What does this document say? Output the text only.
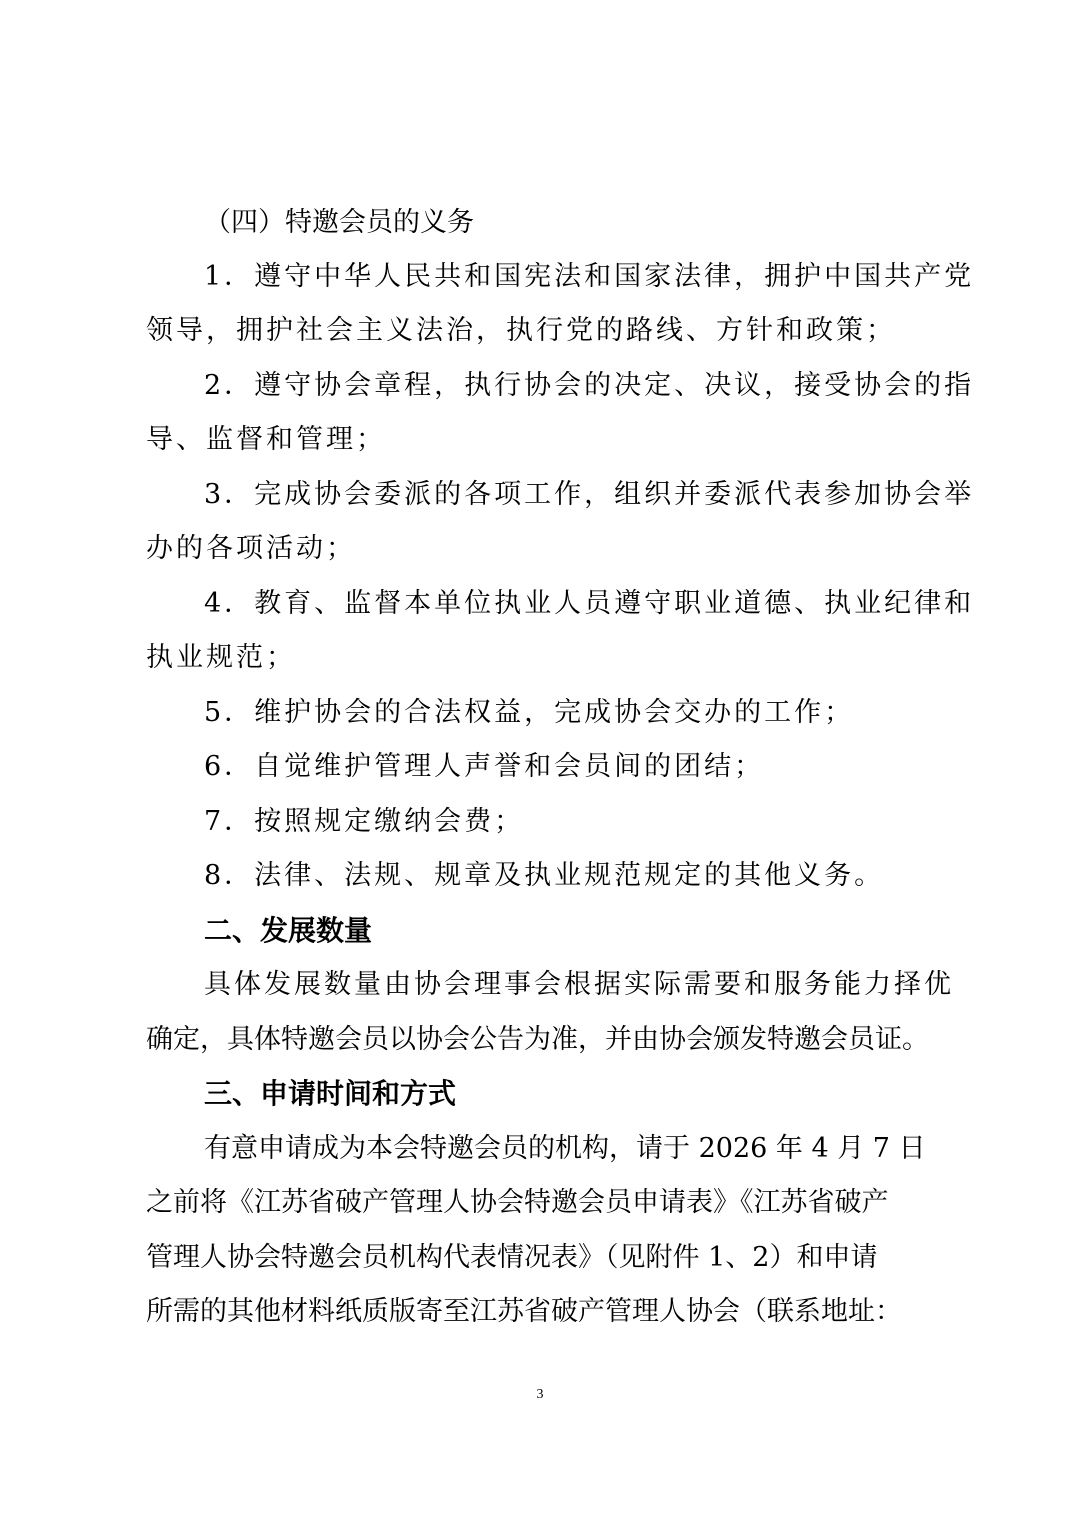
（四）特邀会员的义务
1．遵守中华人民共和国宪法和国家法律，拥护中国共产党
领导，拥护社会主义法治，执行党的路线、方针和政策；
2．遵守协会章程，执行协会的决定、决议，接受协会的指
导、监督和管理；
3．完成协会委派的各项工作，组织并委派代表参加协会举
办的各项活动；
4．教育、监督本单位执业人员遵守职业道德、执业纪律和
执业规范；
5．维护协会的合法权益，完成协会交办的工作；
6．自觉维护管理人声誉和会员间的团结；
7．按照规定缴纳会费；
8．法律、法规、规章及执业规范规定的其他义务。
二、发展数量
具体发展数量由协会理事会根据实际需要和服务能力择优
确定，具体特邀会员以协会公告为准，并由协会颁发特邀会员证。
三、申请时间和方式
有意申请成为本会特邀会员的机构，请于 2026 年 4 月 7 日
之前将《江苏省破产管理人协会特邀会员申请表》《江苏省破产
管理人协会特邀会员机构代表情况表》（见附件 1、2）和申请
所需的其他材料纸质版寄至江苏省破产管理人协会（联系地址：
3
